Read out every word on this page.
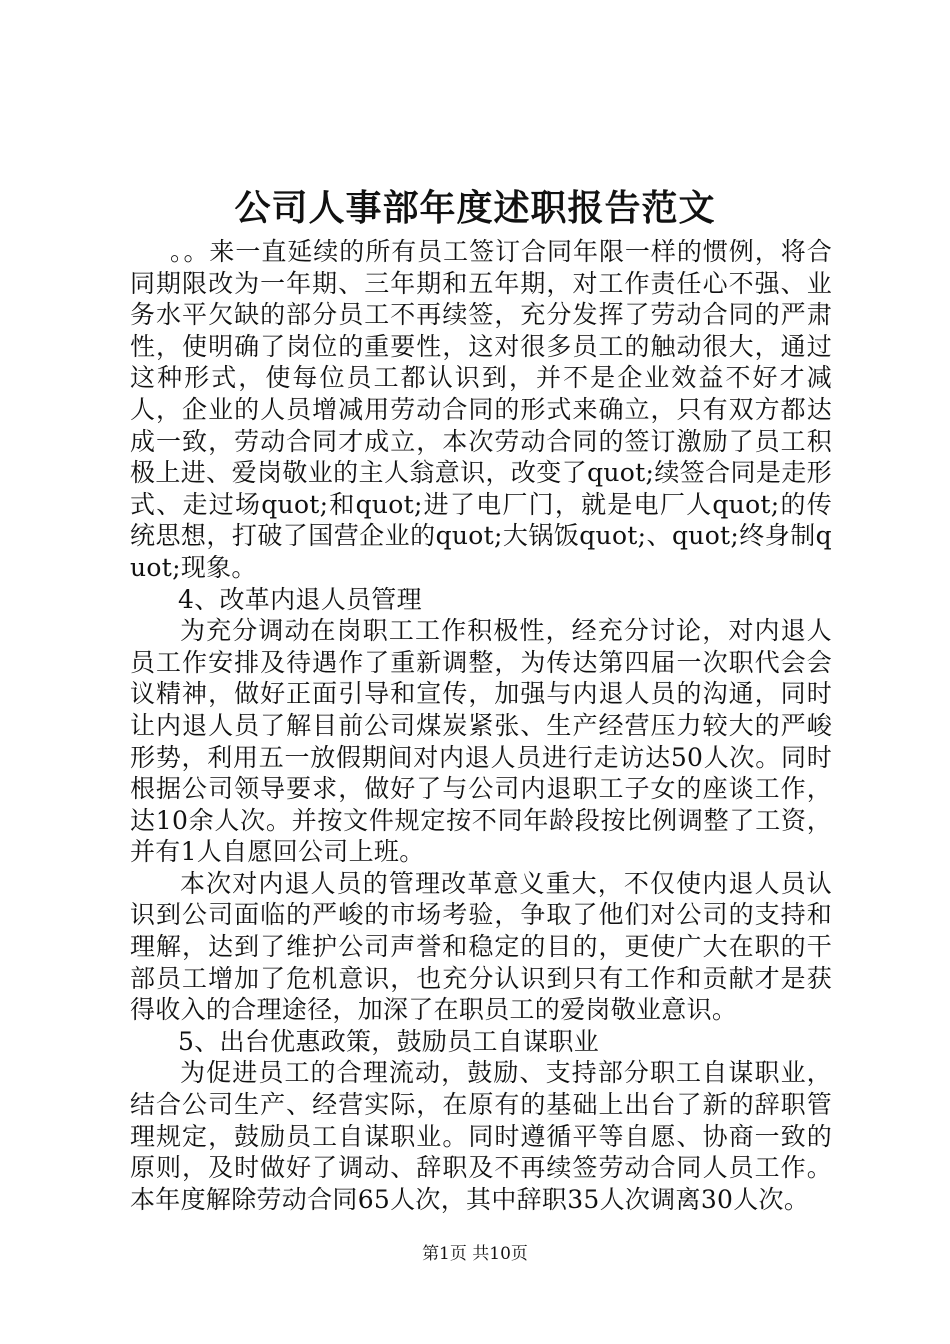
公司人事部年度述职报告范文

。。来一直延续的所有员工签订合同年限一样的惯例，将合同期限改为一年期、三年期和五年期，对工作责任心不强、业务水平欠缺的部分员工不再续签，充分发挥了劳动合同的严肃性，使明确了岗位的重要性，这对很多员工的触动很大，通过这种形式，使每位员工都认识到，并不是企业效益不好才减人，企业的人员增减用劳动合同的形式来确立，只有双方都达成一致，劳动合同才成立，本次劳动合同的签订激励了员工积极上进、爱岗敬业的主人翁意识，改变了quot;续签合同是走形式、走过场quot;和quot;进了电厂门，就是电厂人quot;的传统思想，打破了国营企业的quot;大锅饭quot;、quot;终身制quot;现象。

4、改革内退人员管理

为充分调动在岗职工工作积极性，经充分讨论，对内退人员工作安排及待遇作了重新调整，为传达第四届一次职代会会议精神，做好正面引导和宣传，加强与内退人员的沟通，同时让内退人员了解目前公司煤炭紧张、生产经营压力较大的严峻形势，利用五一放假期间对内退人员进行走访达50人次。同时根据公司领导要求，做好了与公司内退职工子女的座谈工作，达10余人次。并按文件规定按不同年龄段按比例调整了工资，并有1人自愿回公司上班。

本次对内退人员的管理改革意义重大，不仅使内退人员认识到公司面临的严峻的市场考验，争取了他们对公司的支持和理解，达到了维护公司声誉和稳定的目的，更使广大在职的干部员工增加了危机意识，也充分认识到只有工作和贡献才是获得收入的合理途径，加深了在职员工的爱岗敬业意识。

5、出台优惠政策，鼓励员工自谋职业

为促进员工的合理流动，鼓励、支持部分职工自谋职业，结合公司生产、经营实际，在原有的基础上出台了新的辞职管理规定，鼓励员工自谋职业。同时遵循平等自愿、协商一致的原则，及时做好了调动、辞职及不再续签劳动合同人员工作。本年度解除劳动合同65人次，其中辞职35人次调离30人次。

第1页 共10页
